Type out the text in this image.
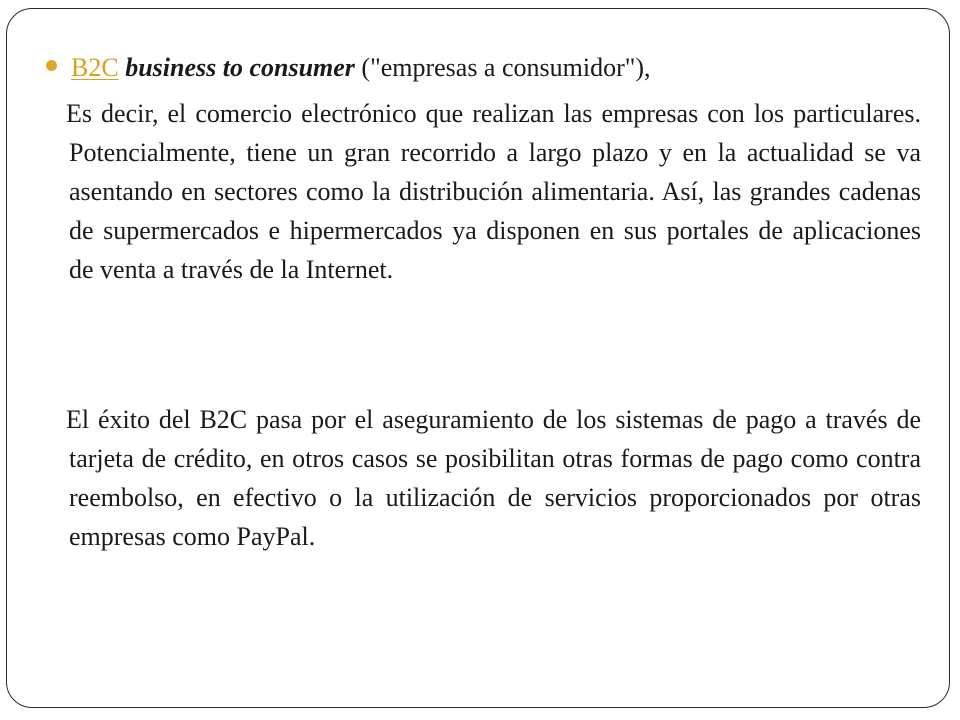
B2C business to consumer ("empresas a consumidor"),
Es decir, el comercio electrónico que realizan las empresas con los particulares. Potencialmente, tiene un gran recorrido a largo plazo y en la actualidad se va asentando en sectores como la distribución alimentaria. Así, las grandes cadenas de supermercados e hipermercados ya disponen en sus portales de aplicaciones de venta a través de la Internet.
El éxito del B2C pasa por el aseguramiento de los sistemas de pago a través de tarjeta de crédito, en otros casos se posibilitan otras formas de pago como contra reembolso, en efectivo o la utilización de servicios proporcionados por otras empresas como PayPal.
